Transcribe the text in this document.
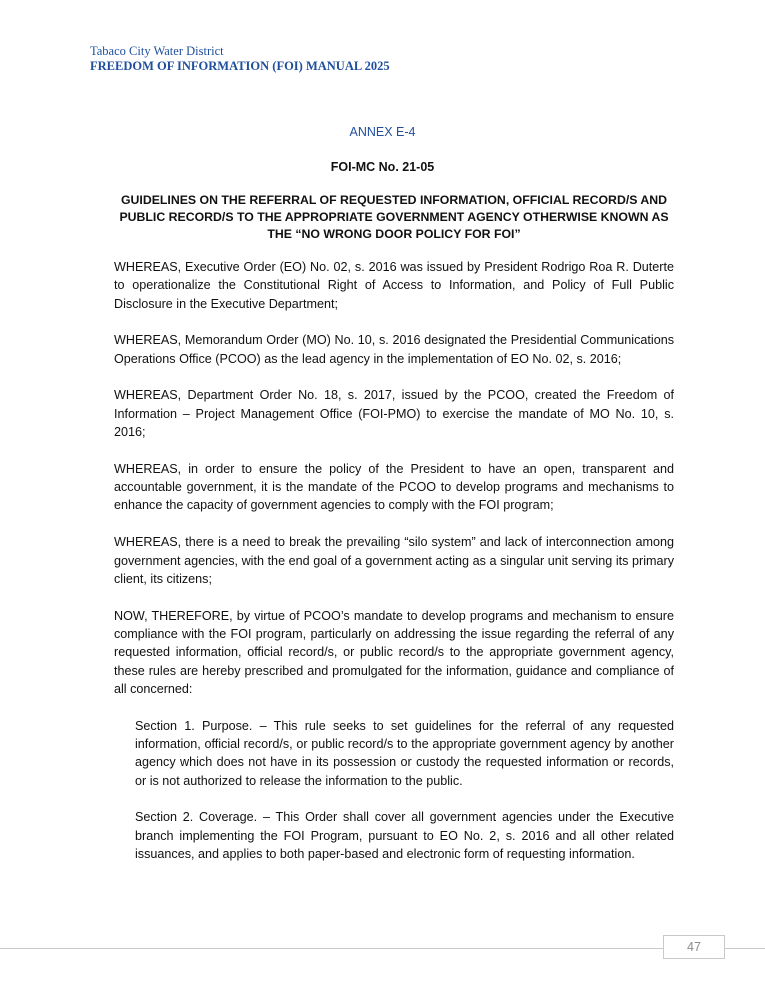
Tabaco City Water District
FREEDOM OF INFORMATION (FOI) MANUAL 2025
ANNEX E-4
FOI-MC No. 21-05
GUIDELINES ON THE REFERRAL OF REQUESTED INFORMATION, OFFICIAL RECORD/S AND PUBLIC RECORD/S TO THE APPROPRIATE GOVERNMENT AGENCY OTHERWISE KNOWN AS THE “NO WRONG DOOR POLICY FOR FOI”

WHEREAS, Executive Order (EO) No. 02, s. 2016 was issued by President Rodrigo Roa R. Duterte to operationalize the Constitutional Right of Access to Information, and Policy of Full Public Disclosure in the Executive Department;

WHEREAS, Memorandum Order (MO) No. 10, s. 2016 designated the Presidential Communications Operations Office (PCOO) as the lead agency in the implementation of EO No. 02, s. 2016;

WHEREAS, Department Order No. 18, s. 2017, issued by the PCOO, created the Freedom of Information – Project Management Office (FOI-PMO) to exercise the mandate of MO No. 10, s. 2016;

WHEREAS, in order to ensure the policy of the President to have an open, transparent and accountable government, it is the mandate of the PCOO to develop programs and mechanisms to enhance the capacity of government agencies to comply with the FOI program;

WHEREAS, there is a need to break the prevailing “silo system” and lack of interconnection among government agencies, with the end goal of a government acting as a singular unit serving its primary client, its citizens;

NOW, THEREFORE, by virtue of PCOO’s mandate to develop programs and mechanism to ensure compliance with the FOI program, particularly on addressing the issue regarding the referral of any requested information, official record/s, or public record/s to the appropriate government agency, these rules are hereby prescribed and promulgated for the information, guidance and compliance of all concerned:

Section 1. Purpose. – This rule seeks to set guidelines for the referral of any requested information, official record/s, or public record/s to the appropriate government agency by another agency which does not have in its possession or custody the requested information or records, or is not authorized to release the information to the public.

Section 2. Coverage. – This Order shall cover all government agencies under the Executive branch implementing the FOI Program, pursuant to EO No. 2, s. 2016 and all other related issuances, and applies to both paper-based and electronic form of requesting information.

47
